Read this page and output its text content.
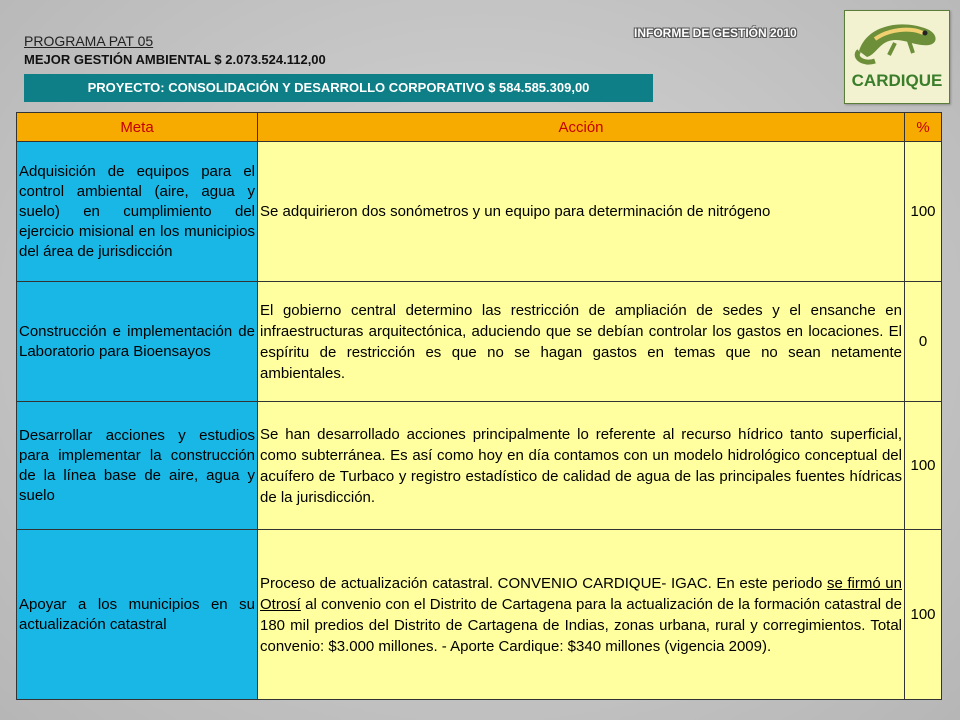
INFORME DE GESTIÓN 2010
PROGRAMA PAT 05
MEJOR GESTIÓN AMBIENTAL $ 2.073.524.112,00
PROYECTO: CONSOLIDACIÓN Y DESARROLLO CORPORATIVO $ 584.585.309,00	CARDIQUE
Meta	Acción	%
Adquisición de equipos para el control ambiental (aire, agua y suelo) en cumplimiento del ejercicio misional en los municipios del área de jurisdicción	Se adquirieron dos sonómetros y un equipo para determinación de nitrógeno	100
Construcción e implementación de Laboratorio para Bioensayos	El gobierno central determino las restricción de ampliación de sedes y el ensanche en infraestructuras arquitectónica, aduciendo que se debían controlar los gastos en locaciones. El espíritu de restricción es que no se hagan gastos en temas que no sean netamente ambientales.	0
Desarrollar acciones y estudios para implementar la construcción de la línea base de aire, agua y suelo	Se han desarrollado acciones principalmente lo referente al recurso hídrico tanto superficial, como subterránea. Es así como hoy en día contamos con un modelo hidrológico conceptual del acuífero de Turbaco y registro estadístico de calidad de agua de las principales fuentes hídricas de la jurisdicción.	100
Apoyar a los municipios en su actualización catastral	Proceso de actualización catastral. CONVENIO CARDIQUE- IGAC. En este periodo se firmó un Otrosí al convenio con el Distrito de Cartagena para la actualización de la formación catastral de 180 mil predios del Distrito de Cartagena de Indias, zonas urbana, rural y corregimientos. Total convenio: $3.000 millones. - Aporte Cardique: $340 millones (vigencia 2009).	100
